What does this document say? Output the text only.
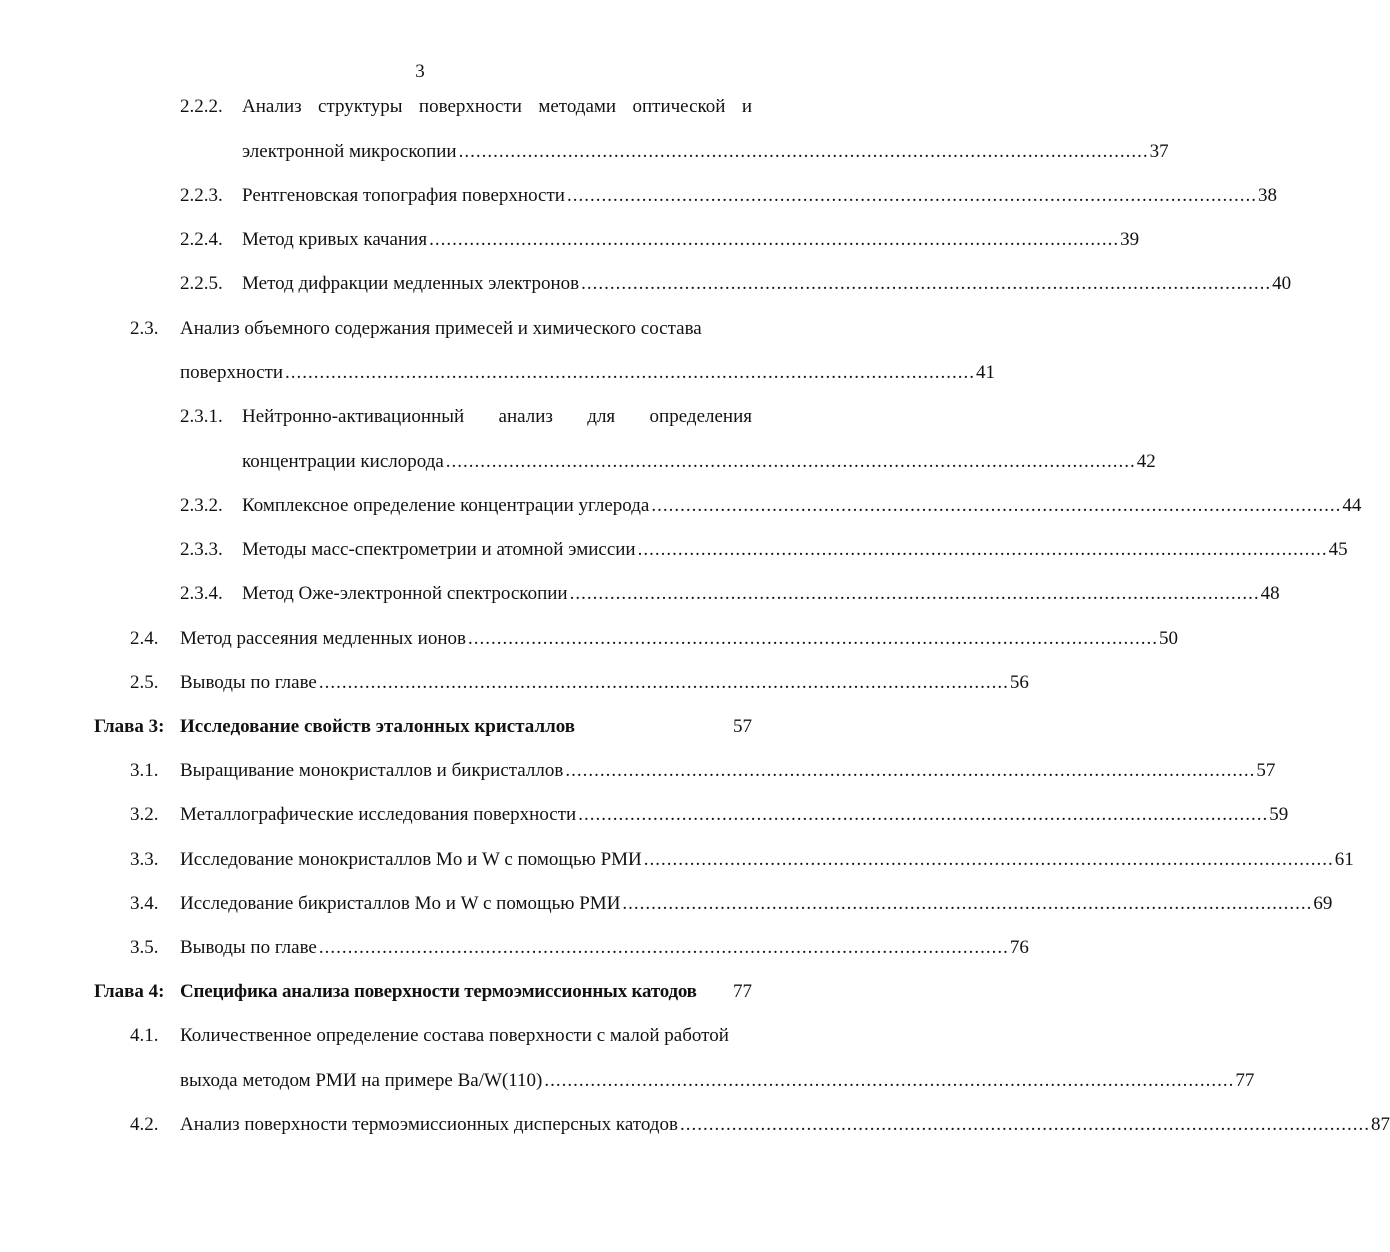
3
2.2.2. Анализ структуры поверхности методами оптической и
электронной микроскопии ........................................................................................................................ 37
2.2.3. Рентгеновская топография поверхности ........................................................................................................................ 38
2.2.4. Метод кривых качания ........................................................................................................................ 39
2.2.5. Метод дифракции медленных электронов ........................................................................................................................ 40
2.3. Анализ объемного содержания примесей и химического состава
поверхности ........................................................................................................................ 41
2.3.1. Нейтронно-активационный анализ для определения
концентрации кислорода ........................................................................................................................ 42
2.3.2. Комплексное определение концентрации углерода ........................................................................................................................ 44
2.3.3. Методы масс-спектрометрии и атомной эмиссии ........................................................................................................................ 45
2.3.4. Метод Оже-электронной спектроскопии ........................................................................................................................ 48
2.4. Метод рассеяния медленных ионов ........................................................................................................................ 50
2.5. Выводы по главе ........................................................................................................................ 56
Глава 3: Исследование свойств эталонных кристаллов	57
3.1. Выращивание монокристаллов и бикристаллов ........................................................................................................................ 57
3.2. Металлографические исследования поверхности ........................................................................................................................ 59
3.3. Исследование монокристаллов Mo и W с помощью РМИ ........................................................................................................................ 61
3.4. Исследование бикристаллов Mo и W с помощью РМИ ........................................................................................................................ 69
3.5. Выводы по главе ........................................................................................................................ 76
Глава 4: Специфика анализа поверхности термоэмиссионных катодов 77
4.1. Количественное определение состава поверхности с малой работой
выхода методом РМИ на примере Ba/W(110) ........................................................................................................................ 77
4.2. Анализ поверхности термоэмиссионных дисперсных катодов ........................................................................................................................ 87
